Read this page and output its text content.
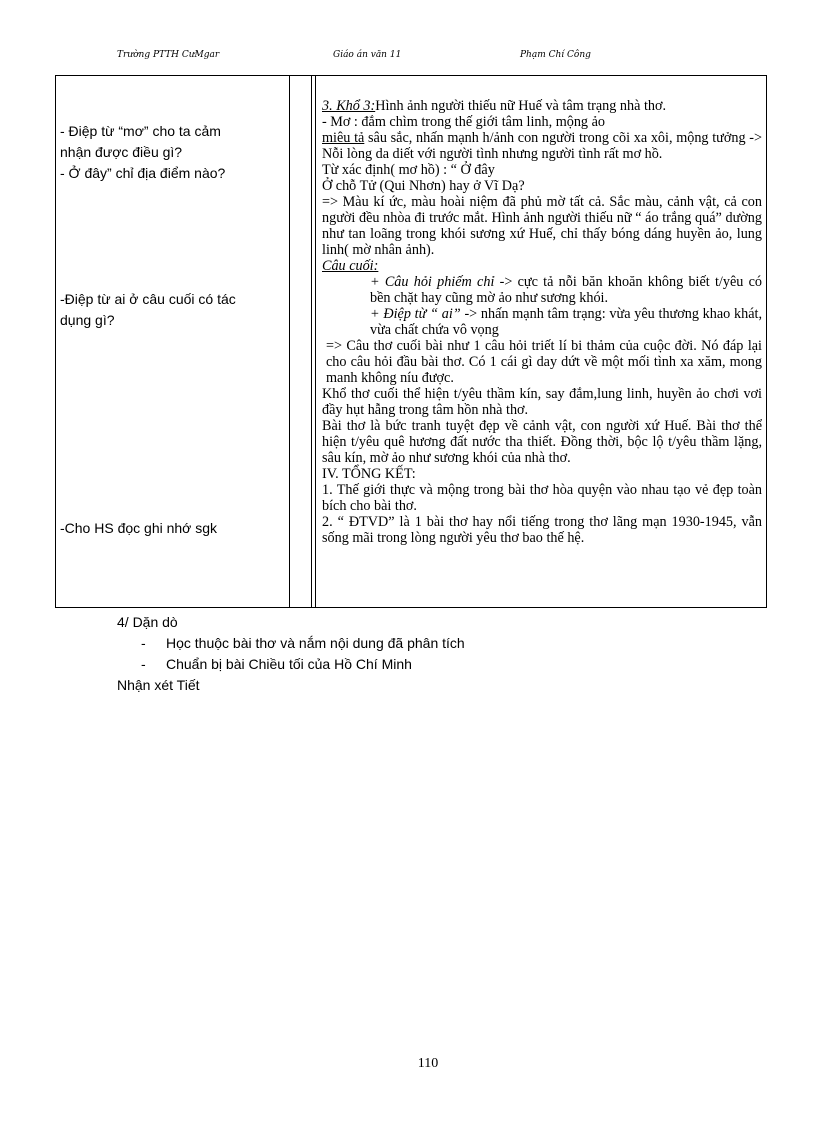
Trường PTTH CưMgar	Giáo án văn 11	Phạm Chí Công

- Điệp từ “mơ” cho ta cảm

nhận được điều gì?

- Ở đây” chỉ địa điểm nào?

-Điệp từ ai ở câu cuối có tác

dụng gì?

-Cho HS đọc ghi nhớ sgk

3. Khổ 3:Hình ảnh người thiếu nữ Huế và tâm trạng nhà thơ.

- Mơ : đắm chìm trong thế giới tâm linh, mộng ảo

miêu tả sâu sắc, nhấn mạnh h/ảnh con người trong cõi xa xôi, mộng tưởng -> Nỗi lòng da diết với người tình nhưng người tình rất mơ hồ.

Từ xác định( mơ hồ) : “ Ở đây

Ở chỗ Tử (Qui Nhơn) hay ở Vĩ Dạ?

=> Màu kí ức, màu hoài niệm đã phủ mờ tất cả. Sắc màu, cảnh vật, cả con người đều nhòa đi trước mắt. Hình ảnh người thiếu nữ “ áo trắng quá” dường như tan loãng trong khói sương xứ Huế, chỉ thấy bóng dáng huyền ảo, lung linh( mờ nhân ảnh).

Câu cuối:

+ Câu hỏi phiếm chỉ -> cực tả nỗi băn khoăn không biết t/yêu có bền chặt hay cũng mờ ảo như sương khói.

+ Điệp từ “ ai” -> nhấn mạnh tâm trạng: vừa yêu thương khao khát, vừa chất chứa vô vọng

=> Câu thơ cuối bài như 1 câu hỏi triết lí bi thảm của cuộc đời. Nó đáp lại cho câu hỏi đầu bài thơ. Có 1 cái gì day dứt về một mối tình xa xăm, mong manh không níu được.

Khổ thơ cuối thể hiện t/yêu thầm kín, say đắm,lung linh, huyền ảo chơi vơi đầy hụt hẫng trong tâm hồn nhà thơ.

Bài thơ là bức tranh tuyệt đẹp về cảnh vật, con người xứ Huế. Bài thơ thể hiện t/yêu quê hương đất nước tha thiết. Đồng thời, bộc lộ t/yêu thầm lặng, sâu kín, mờ ảo như sương khói của nhà thơ.

IV. TỔNG KẾT:

1. Thế giới thực và mộng trong bài thơ hòa quyện vào nhau tạo vẻ đẹp toàn bích cho bài thơ.

2. “ ĐTVD” là 1 bài thơ hay nổi tiếng trong thơ lãng mạn 1930-1945, vẫn sống mãi trong lòng người yêu thơ bao thế hệ.

4/ Dặn dò

- Học thuộc bài thơ và nắm nội dung đã phân tích

- Chuẩn bị bài Chiều tối của Hồ Chí Minh

Nhận xét Tiết

110
